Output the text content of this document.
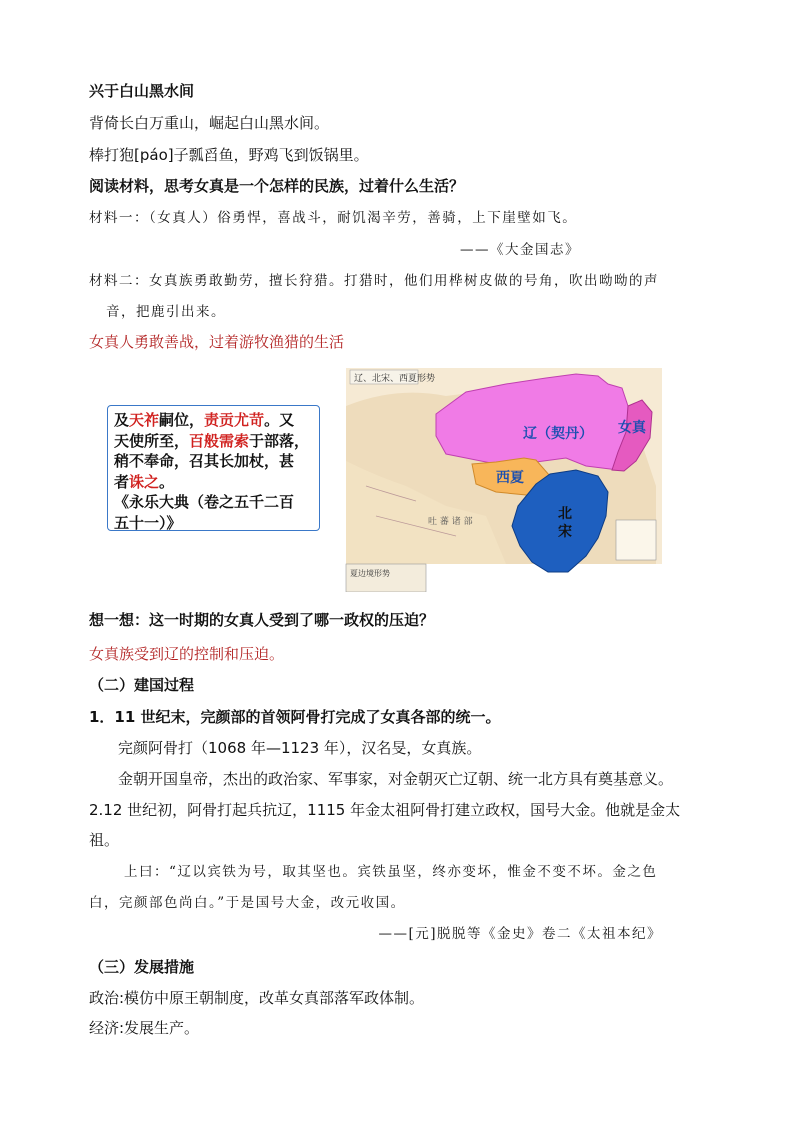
兴于白山黑水间
背倚长白万重山，崛起白山黑水间。
棒打狍[páo]子瓢舀鱼，野鸡飞到饭锅里。
阅读材料，思考女真是一个怎样的民族，过着什么生活？
材料一：（女真人）俗勇悍，喜战斗，耐饥渴辛劳，善骑，上下崖壁如飞。
——《大金国志》
材料二：女真族勇敢勤劳，擅长狩猎。打猎时，他们用桦树皮做的号角，吹出呦呦的声
音，把鹿引出来。
女真人勇敢善战，过着游牧渔猎的生活
及天祚嗣位，责贡尤苛。又
天使所至，百般需索于部落，
稍不奉命，召其长加杖，甚
者诛之。
《永乐大典（卷之五千二百
五十一）》
辽、北宋、西夏形势
辽（契丹） 女真
西夏
北
宋
吐 蕃 诸 部
夏边境形势
想一想：这一时期的女真人受到了哪一政权的压迫？
女真族受到辽的控制和压迫。
（二）建国过程
1．11 世纪末，完颜部的首领阿骨打完成了女真各部的统一。
完颜阿骨打（1068 年—1123 年），汉名旻，女真族。
金朝开国皇帝，杰出的政治家、军事家，对金朝灭亡辽朝、统一北方具有奠基意义。
2.12 世纪初，阿骨打起兵抗辽，1115 年金太祖阿骨打建立政权，国号大金。他就是金太
祖。
上曰：“辽以宾铁为号，取其坚也。宾铁虽坚，终亦变坏，惟金不变不坏。金之色
白，完颜部色尚白。”于是国号大金，改元收国。
——[元]脱脱等《金史》卷二《太祖本纪》
（三）发展措施
政治:模仿中原王朝制度，改革女真部落军政体制。
经济:发展生产。
